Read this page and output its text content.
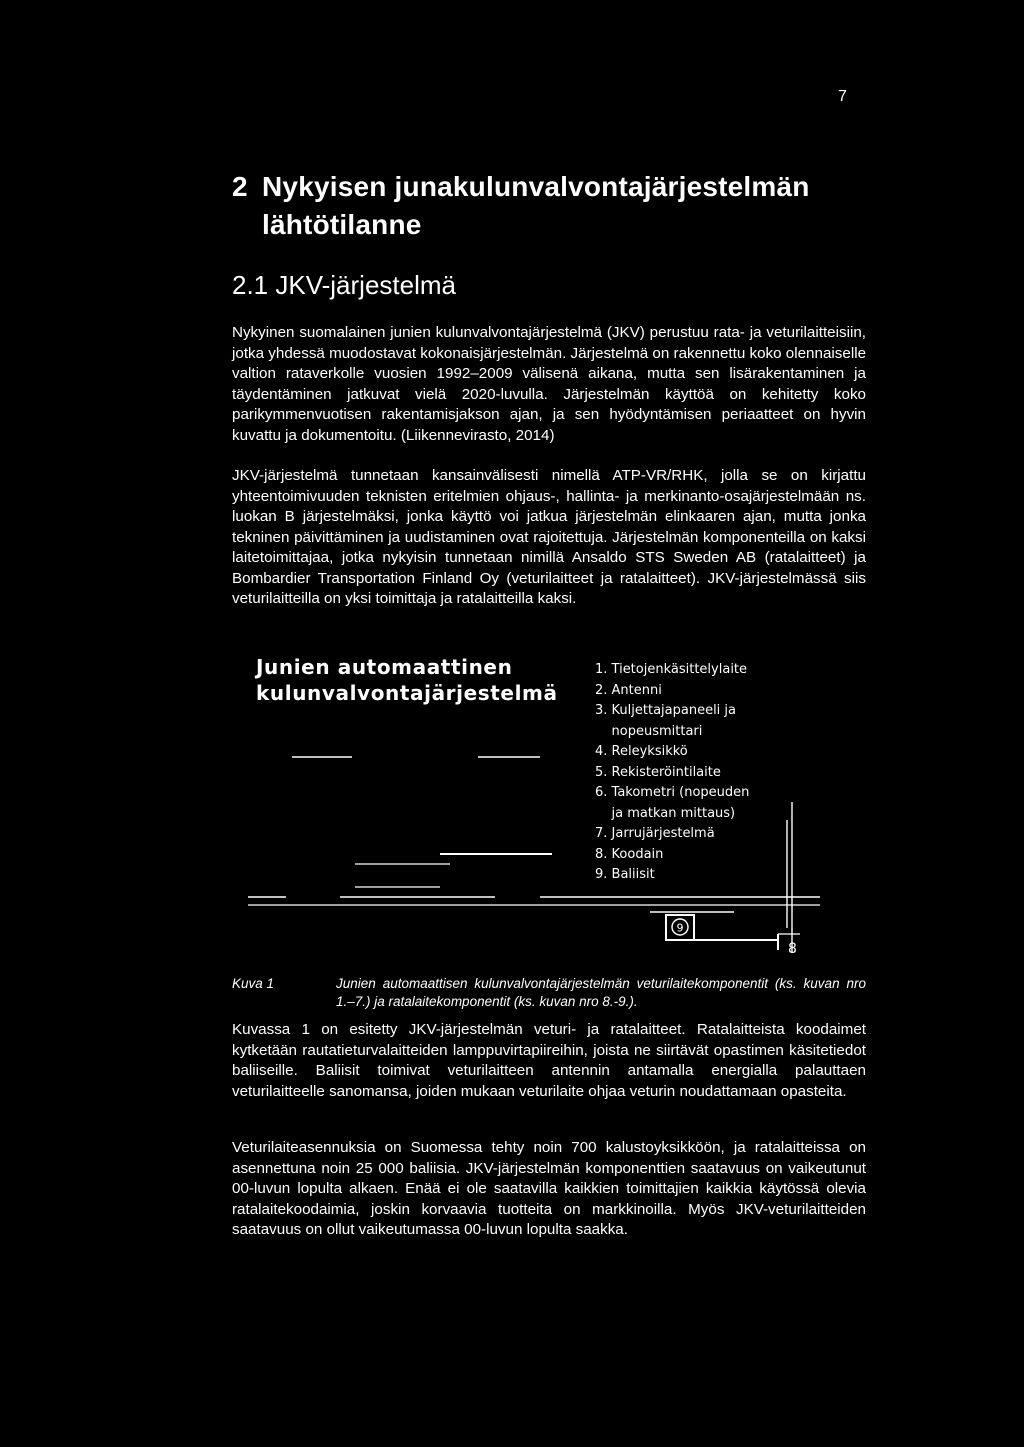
7
2 Nykyisen junakulunvalvontajärjestelmän lähtötilanne
2.1 JKV-järjestelmä

Nykyinen suomalainen junien kulunvalvontajärjestelmä (JKV) perustuu rata- ja veturilaitteisiin, jotka yhdessä muodostavat kokonaisjärjestelmän. Järjestelmä on rakennettu koko olennaiselle valtion rataverkolle vuosien 1992–2009 välisenä aikana, mutta sen lisärakentaminen ja täydentäminen jatkuvat vielä 2020-luvulla. Järjestelmän käyttöä on kehitetty koko parikymmenvuotisen rakentamisjakson ajan, ja sen hyödyntämisen periaatteet on hyvin kuvattu ja dokumentoitu. (Liikennevirasto, 2014)

JKV-järjestelmä tunnetaan kansainvälisesti nimellä ATP-VR/RHK, jolla se on kirjattu yhteentoimivuuden teknisten eritelmien ohjaus-, hallinta- ja merkinanto-osajärjestelmään ns. luokan B järjestelmäksi, jonka käyttö voi jatkua järjestelmän elinkaaren ajan, mutta jonka tekninen päivittäminen ja uudistaminen ovat rajoitettuja. Järjestelmän komponenteilla on kaksi laitetoimittajaa, jotka nykyisin tunnetaan nimillä Ansaldo STS Sweden AB (ratalaitteet) ja Bombardier Transportation Finland Oy (veturilaitteet ja ratalaitteet). JKV-järjestelmässä siis veturilaitteilla on yksi toimittaja ja ratalaitteilla kaksi.

9
8
Junien automaattinen
kulunvalvontajärjestelmä
1. Tietojenkäsittelylaite
2. Antenni
3. Kuljettajapaneeli ja
nopeusmittari
4. Releyksikkö
5. Rekisteröintilaite
6. Takometri (nopeuden
ja matkan mittaus)
7. Jarrujärjestelmä
8. Koodain
9. Baliisit
Kuva 1	Junien automaattisen kulunvalvontajärjestelmän veturilaitekomponentit (ks. kuvan nro 1.–7.) ja ratalaitekomponentit (ks. kuvan nro 8.-9.).

Kuvassa 1 on esitetty JKV-järjestelmän veturi- ja ratalaitteet. Ratalaitteista koodaimet kytketään rautatieturvalaitteiden lamppuvirtapiireihin, joista ne siirtävät opastimen käsitetiedot baliiseille. Baliisit toimivat veturilaitteen antennin antamalla energialla palauttaen veturilaitteelle sanomansa, joiden mukaan veturilaite ohjaa veturin noudattamaan opasteita.

Veturilaiteasennuksia on Suomessa tehty noin 700 kalustoyksikköön, ja ratalaitteissa on asennettuna noin 25 000 baliisia. JKV-järjestelmän komponenttien saatavuus on vaikeutunut 00-luvun lopulta alkaen. Enää ei ole saatavilla kaikkien toimittajien kaikkia käytössä olevia ratalaitekoodaimia, joskin korvaavia tuotteita on markkinoilla. Myös JKV-veturilaitteiden saatavuus on ollut vaikeutumassa 00-luvun lopulta saakka.
